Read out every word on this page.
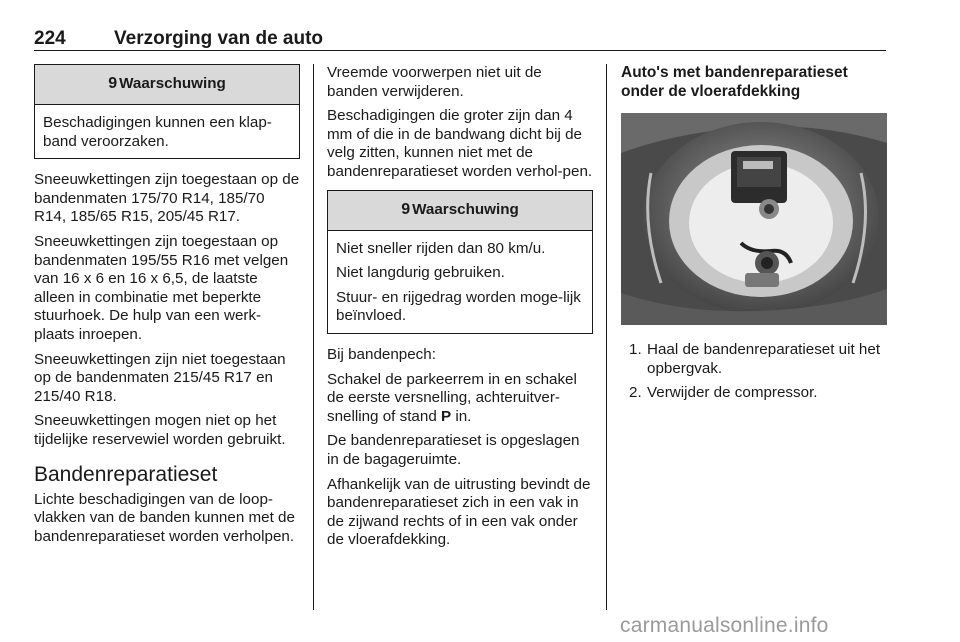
224	Verzorging van de auto
9 Waarschuwing

Beschadigingen kunnen een klap-band veroorzaken.

Sneeuwkettingen zijn toegestaan op de bandenmaten 175/70 R14, 185/70 R14, 185/65 R15, 205/45 R17.

Sneeuwkettingen zijn toegestaan op bandenmaten 195/55 R16 met velgen van 16 x 6 en 16 x 6,5, de laatste alleen in combinatie met beperkte stuurhoek. De hulp van een werk-plaats inroepen.

Sneeuwkettingen zijn niet toegestaan op de bandenmaten 215/45 R17 en 215/40 R18.

Sneeuwkettingen mogen niet op het tijdelijke reservewiel worden gebruikt.

Bandenreparatieset

Lichte beschadigingen van de loop-vlakken van de banden kunnen met de bandenreparatieset worden verholpen.

Vreemde voorwerpen niet uit de banden verwijderen.

Beschadigingen die groter zijn dan 4 mm of die in de bandwang dicht bij de velg zitten, kunnen niet met de bandenreparatieset worden verhol-pen.

9 Waarschuwing

Niet sneller rijden dan 80 km/u.

Niet langdurig gebruiken.

Stuur- en rijgedrag worden moge-lijk beïnvloed.

Bij bandenpech:

Schakel de parkeerrem in en schakel de eerste versnelling, achteruitver-snelling of stand P in.

De bandenreparatieset is opgeslagen in de bagageruimte.

Afhankelijk van de uitrusting bevindt de bandenreparatieset zich in een vak in de zijwand rechts of in een vak onder de vloerafdekking.

Auto's met bandenreparatieset onder de vloerafdekking
1. Haal de bandenreparatieset uit het opbergvak.
2. Verwijder de compressor.
carmanualsonline.info
